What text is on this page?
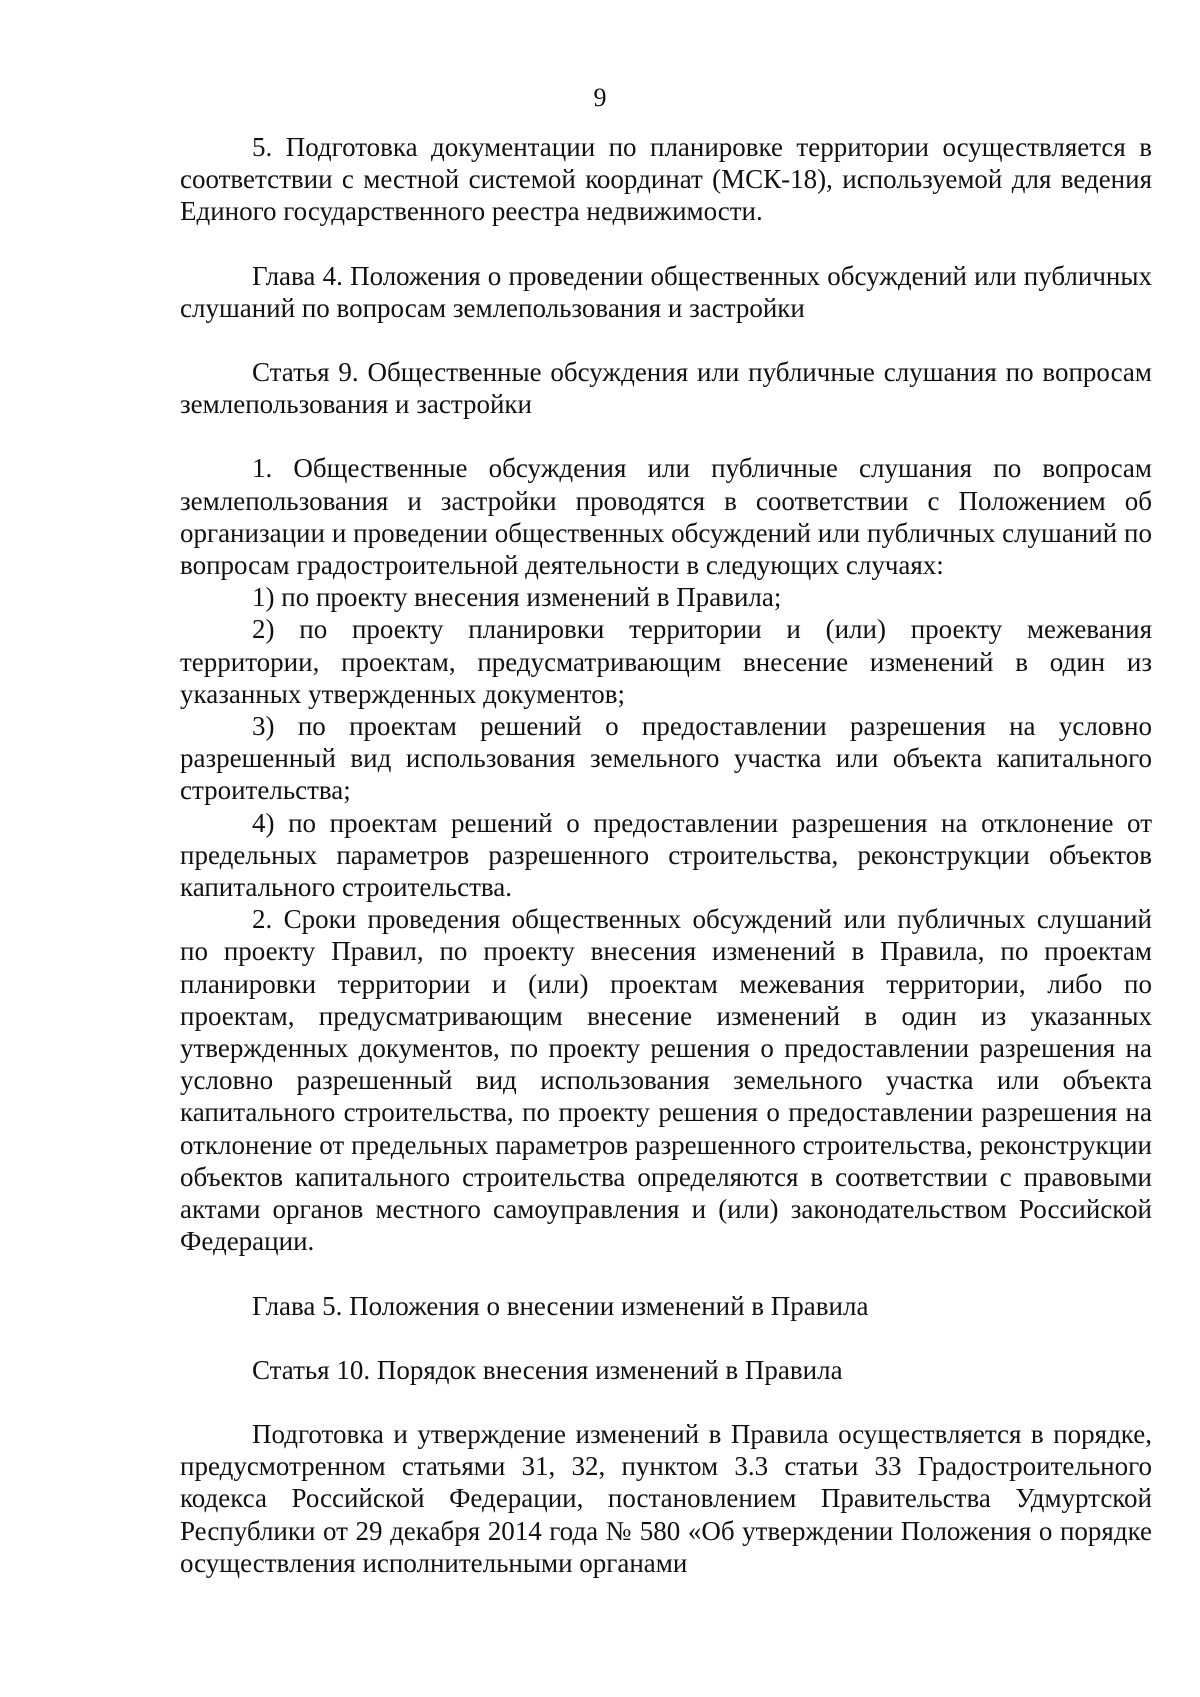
9

5. Подготовка документации по планировке территории осуществляется в соответствии с местной системой координат (МСК-18), используемой для ведения Единого государственного реестра недвижимости.

Глава 4. Положения о проведении общественных обсуждений или публичных слушаний по вопросам землепользования и застройки

Статья 9. Общественные обсуждения или публичные слушания по вопросам землепользования и застройки

1. Общественные обсуждения или публичные слушания по вопросам землепользования и застройки проводятся в соответствии с Положением об организации и проведении общественных обсуждений или публичных слушаний по вопросам градостроительной деятельности в следующих случаях:

1) по проекту внесения изменений в Правила;

2) по проекту планировки территории и (или) проекту межевания территории, проектам, предусматривающим внесение изменений в один из указанных утвержденных документов;

3) по проектам решений о предоставлении разрешения на условно разрешенный вид использования земельного участка или объекта капитального строительства;

4) по проектам решений о предоставлении разрешения на отклонение от предельных параметров разрешенного строительства, реконструкции объектов капитального строительства.

2. Сроки проведения общественных обсуждений или публичных слушаний по проекту Правил, по проекту внесения изменений в Правила, по проектам планировки территории и (или) проектам межевания территории, либо по проектам, предусматривающим внесение изменений в один из указанных утвержденных документов, по проекту решения о предоставлении разрешения на условно разрешенный вид использования земельного участка или объекта капитального строительства, по проекту решения о предоставлении разрешения на отклонение от предельных параметров разрешенного строительства, реконструкции объектов капитального строительства определяются в соответствии с правовыми актами органов местного самоуправления и (или) законодательством Российской Федерации.

Глава 5. Положения о внесении изменений в Правила

Статья 10. Порядок внесения изменений в Правила

Подготовка и утверждение изменений в Правила осуществляется в порядке, предусмотренном статьями 31, 32, пунктом 3.3 статьи 33 Градостроительного кодекса Российской Федерации, постановлением Правительства Удмуртской Республики от 29 декабря 2014 года № 580 «Об утверждении Положения о порядке осуществления исполнительными органами
